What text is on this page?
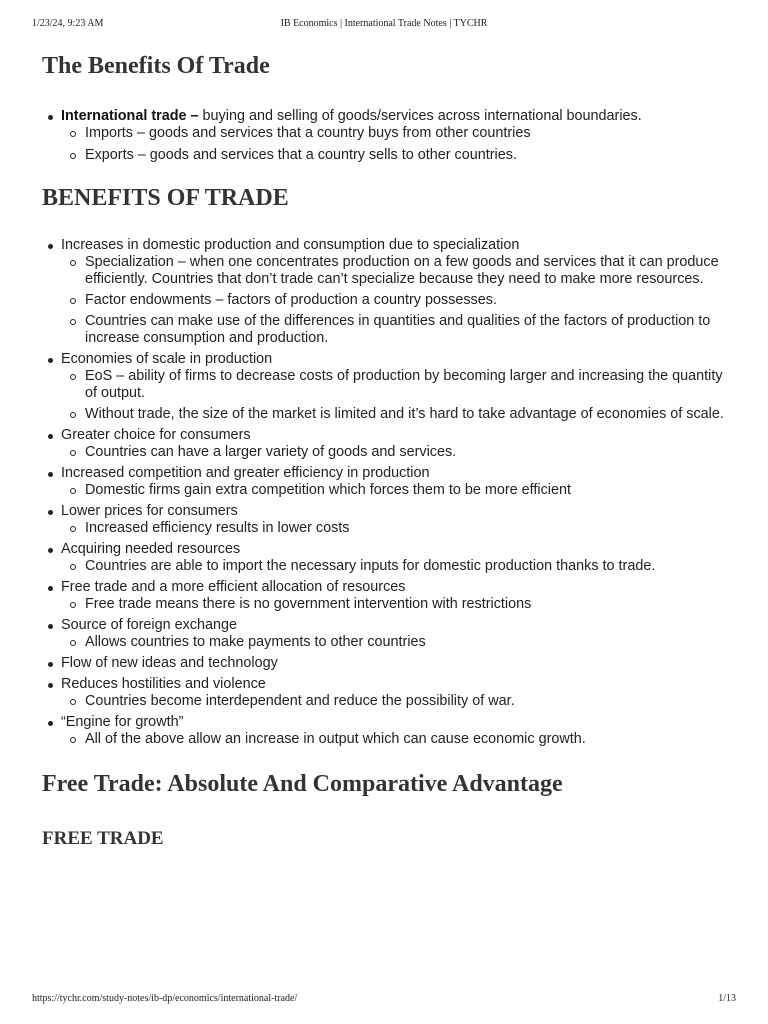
1/23/24, 9:23 AM	IB Economics | International Trade Notes | TYCHR
The Benefits Of Trade
International trade – buying and selling of goods/services across international boundaries.
Imports – goods and services that a country buys from other countries
Exports – goods and services that a country sells to other countries.
BENEFITS OF TRADE
Increases in domestic production and consumption due to specialization
Specialization – when one concentrates production on a few goods and services that it can produce efficiently. Countries that don’t trade can’t specialize because they need to make more resources.
Factor endowments – factors of production a country possesses.
Countries can make use of the differences in quantities and qualities of the factors of production to increase consumption and production.
Economies of scale in production
EoS – ability of firms to decrease costs of production by becoming larger and increasing the quantity of output.
Without trade, the size of the market is limited and it’s hard to take advantage of economies of scale.
Greater choice for consumers
Countries can have a larger variety of goods and services.
Increased competition and greater efficiency in production
Domestic firms gain extra competition which forces them to be more efficient
Lower prices for consumers
Increased efficiency results in lower costs
Acquiring needed resources
Countries are able to import the necessary inputs for domestic production thanks to trade.
Free trade and a more efficient allocation of resources
Free trade means there is no government intervention with restrictions
Source of foreign exchange
Allows countries to make payments to other countries
Flow of new ideas and technology
Reduces hostilities and violence
Countries become interdependent and reduce the possibility of war.
“Engine for growth”
All of the above allow an increase in output which can cause economic growth.
Free Trade: Absolute And Comparative Advantage
FREE TRADE
https://tychr.com/study-notes/ib-dp/economics/international-trade/	1/13
